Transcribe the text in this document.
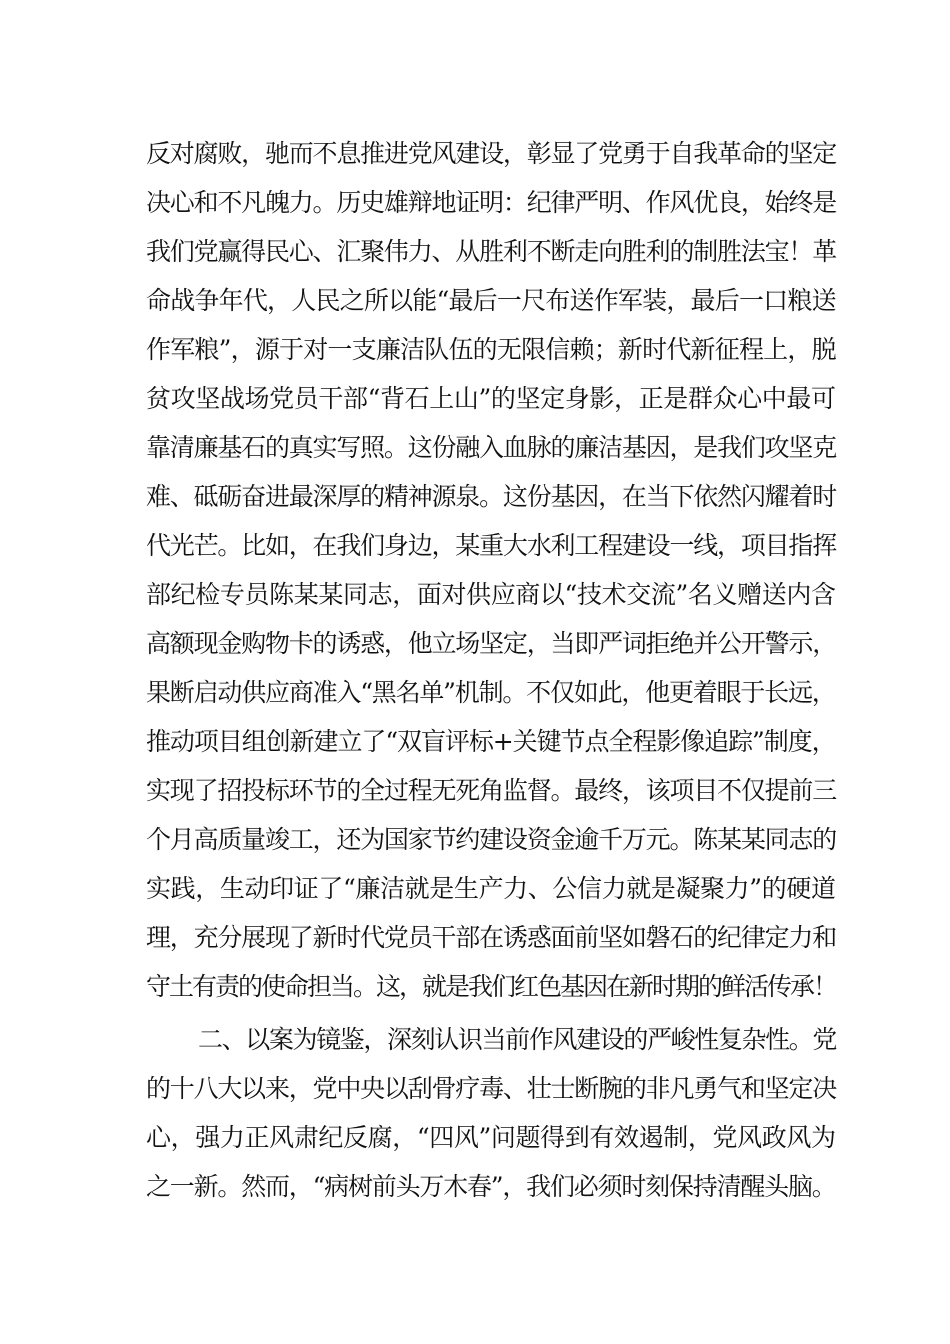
反对腐败，驰而不息推进党风建设，彰显了党勇于自我革命的坚定
决心和不凡魄力。历史雄辩地证明：纪律严明、作风优良，始终是
我们党赢得民心、汇聚伟力、从胜利不断走向胜利的制胜法宝！革
命战争年代，人民之所以能“最后一尺布送作军装，最后一口粮送
作军粮”，源于对一支廉洁队伍的无限信赖；新时代新征程上，脱
贫攻坚战场党员干部“背石上山”的坚定身影，正是群众心中最可
靠清廉基石的真实写照。这份融入血脉的廉洁基因，是我们攻坚克
难、砥砺奋进最深厚的精神源泉。这份基因，在当下依然闪耀着时
代光芒。比如，在我们身边，某重大水利工程建设一线，项目指挥
部纪检专员陈某某同志，面对供应商以“技术交流”名义赠送内含
高额现金购物卡的诱惑，他立场坚定，当即严词拒绝并公开警示，
果断启动供应商准入“黑名单”机制。不仅如此，他更着眼于长远，
推动项目组创新建立了“双盲评标+关键节点全程影像追踪”制度，
实现了招投标环节的全过程无死角监督。最终，该项目不仅提前三
个月高质量竣工，还为国家节约建设资金逾千万元。陈某某同志的
实践，生动印证了“廉洁就是生产力、公信力就是凝聚力”的硬道
理，充分展现了新时代党员干部在诱惑面前坚如磐石的纪律定力和
守土有责的使命担当。这，就是我们红色基因在新时期的鲜活传承！
二、以案为镜鉴，深刻认识当前作风建设的严峻性复杂性。党
的十八大以来，党中央以刮骨疗毒、壮士断腕的非凡勇气和坚定决
心，强力正风肃纪反腐，“四风”问题得到有效遏制，党风政风为
之一新。然而，“病树前头万木春”，我们必须时刻保持清醒头脑。
